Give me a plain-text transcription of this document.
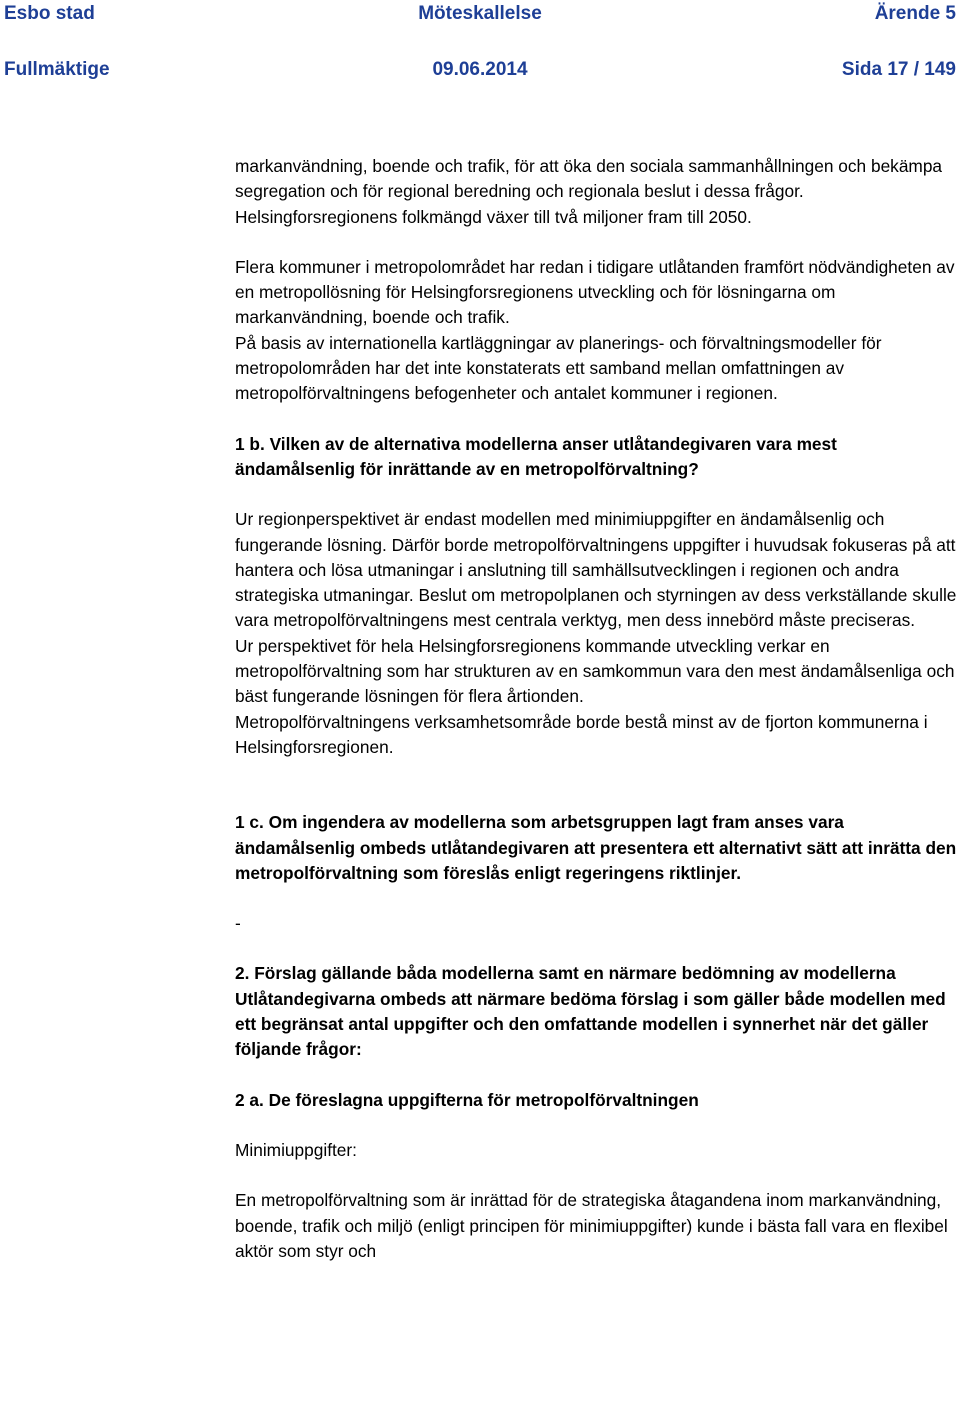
Esbo stad	Möteskallelse	Ärende 5
Fullmäktige	09.06.2014	Sida 17 / 149

markanvändning, boende och trafik, för att öka den sociala sammanhållningen och bekämpa segregation och för regional beredning och regionala beslut i dessa frågor. Helsingforsregionens folkmängd växer till två miljoner fram till 2050.

Flera kommuner i metropolområdet har redan i tidigare utlåtanden framfört nödvändigheten av en metropollösning för Helsingforsregionens utveckling och för lösningarna om markanvändning, boende och trafik.

På basis av internationella kartläggningar av planerings- och förvaltningsmodeller för metropolområden har det inte konstaterats ett samband mellan omfattningen av metropolförvaltningens befogenheter och antalet kommuner i regionen.

1 b. Vilken av de alternativa modellerna anser utlåtandegivaren vara mest ändamålsenlig för inrättande av en metropolförvaltning?

Ur regionperspektivet är endast modellen med minimiuppgifter en ändamålsenlig och fungerande lösning. Därför borde metropolförvaltningens uppgifter i huvudsak fokuseras på att hantera och lösa utmaningar i anslutning till samhällsutvecklingen i regionen och andra strategiska utmaningar. Beslut om metropolplanen och styrningen av dess verkställande skulle vara metropolförvaltningens mest centrala verktyg, men dess innebörd måste preciseras.

Ur perspektivet för hela Helsingforsregionens kommande utveckling verkar en metropolförvaltning som har strukturen av en samkommun vara den mest ändamålsenliga och bäst fungerande lösningen för flera årtionden.

Metropolförvaltningens verksamhetsområde borde bestå minst av de fjorton kommunerna i Helsingforsregionen.

1 c. Om ingendera av modellerna som arbetsgruppen lagt fram anses vara ändamålsenlig ombeds utlåtandegivaren att presentera ett alternativt sätt att inrätta den metropolförvaltning som föreslås enligt regeringens riktlinjer.

-

2. Förslag gällande båda modellerna samt en närmare bedömning av modellerna

Utlåtandegivarna ombeds att närmare bedöma förslag i som gäller både modellen med ett begränsat antal uppgifter och den omfattande modellen i synnerhet när det gäller följande frågor:

2 a. De föreslagna uppgifterna för metropolförvaltningen

Minimiuppgifter:

En metropolförvaltning som är inrättad för de strategiska åtagandena inom markanvändning, boende, trafik och miljö (enligt principen för minimiuppgifter) kunde i bästa fall vara en flexibel aktör som styr och
